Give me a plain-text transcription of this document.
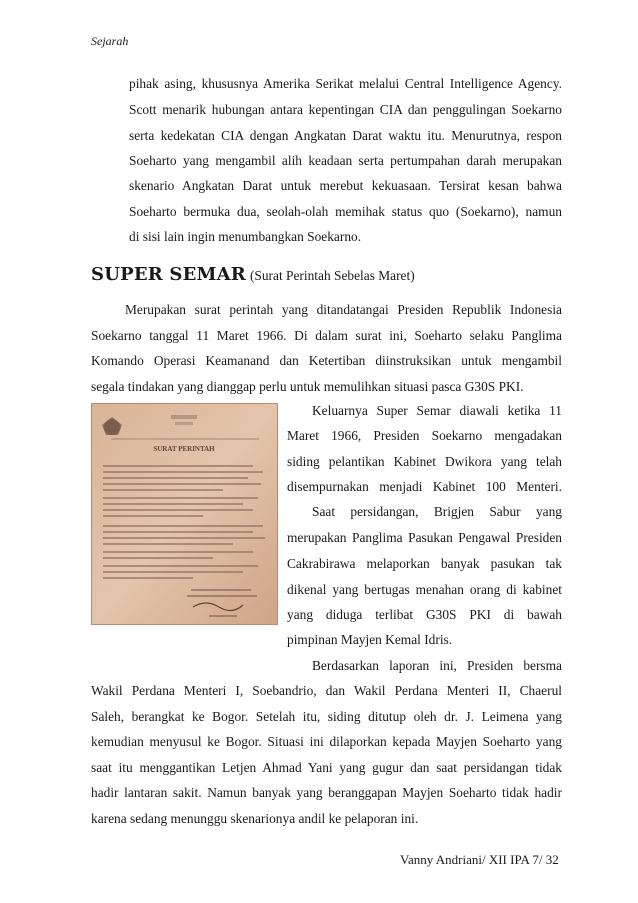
Sejarah
pihak asing, khususnya Amerika Serikat melalui Central Intelligence Agency.
Scott menarik hubungan antara kepentingan CIA dan penggulingan Soekarno
serta kedekatan CIA dengan Angkatan Darat waktu itu. Menurutnya, respon
Soeharto yang mengambil alih keadaan serta pertumpahan darah merupakan
skenario Angkatan Darat untuk merebut kekuasaan. Tersirat kesan bahwa
Soeharto bermuka dua, seolah-olah memihak status quo (Soekarno), namun
di sisi lain ingin menumbangkan Soekarno.
SUPER SEMAR (Surat Perintah Sebelas Maret)
Merupakan surat perintah yang ditandatangai Presiden Republik Indonesia
Soekarno tanggal 11 Maret 1966. Di dalam surat ini, Soeharto selaku Panglima
Komando Operasi Keamanand dan Ketertiban diinstruksikan untuk mengambil
segala tindakan yang dianggap perlu untuk memulihkan situasi pasca G30S PKI.
SURAT PERINTAH
Keluarnya Super Semar diawali ketika 11
Maret 1966, Presiden Soekarno mengadakan
siding pelantikan Kabinet Dwikora yang telah
disempurnakan menjadi Kabinet 100 Menteri.
Saat persidangan, Brigjen Sabur yang
merupakan Panglima Pasukan Pengawal Presiden
Cakrabirawa melaporkan banyak pasukan tak
dikenal yang bertugas menahan orang di kabinet
yang diduga terlibat G30S PKI di bawah
pimpinan Mayjen Kemal Idris.
Berdasarkan laporan ini, Presiden bersma
Wakil Perdana Menteri I, Soebandrio, dan Wakil Perdana Menteri II, Chaerul
Saleh, berangkat ke Bogor. Setelah itu, siding ditutup oleh dr. J. Leimena yang
kemudian menyusul ke Bogor. Situasi ini dilaporkan kepada Mayjen Soeharto yang
saat itu menggantikan Letjen Ahmad Yani yang gugur dan saat persidangan tidak
hadir lantaran sakit. Namun banyak yang beranggapan Mayjen Soeharto tidak hadir
karena sedang menunggu skenarionya andil ke pelaporan ini.
Vanny Andriani/ XII IPA 7/ 32
